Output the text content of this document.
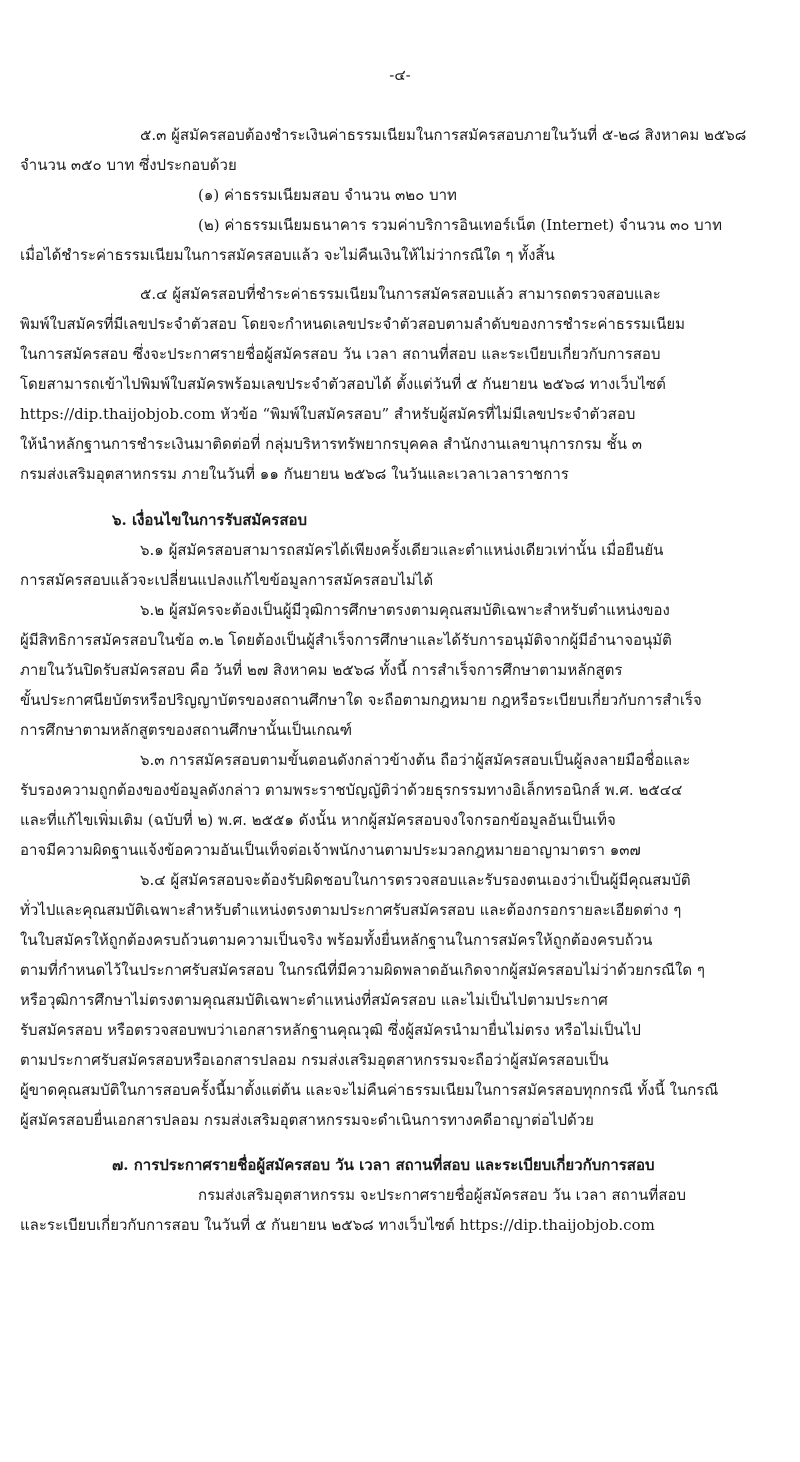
-๔-
๕.๓ ผู้สมัครสอบต้องชำระเงินค่าธรรมเนียมในการสมัครสอบภายในวันที่ ๕-๒๘ สิงหาคม ๒๕๖๘
จำนวน ๓๕๐ บาท ซึ่งประกอบด้วย
(๑) ค่าธรรมเนียมสอบ จำนวน ๓๒๐ บาท
(๒) ค่าธรรมเนียมธนาคาร รวมค่าบริการอินเทอร์เน็ต (Internet) จำนวน ๓๐ บาท
เมื่อได้ชำระค่าธรรมเนียมในการสมัครสอบแล้ว จะไม่คืนเงินให้ไม่ว่ากรณีใด ๆ ทั้งสิ้น
๕.๔ ผู้สมัครสอบที่ชำระค่าธรรมเนียมในการสมัครสอบแล้ว สามารถตรวจสอบและ
พิมพ์ใบสมัครที่มีเลขประจำตัวสอบ โดยจะกำหนดเลขประจำตัวสอบตามลำดับของการชำระค่าธรรมเนียม
ในการสมัครสอบ ซึ่งจะประกาศรายชื่อผู้สมัครสอบ วัน เวลา สถานที่สอบ และระเบียบเกี่ยวกับการสอบ
โดยสามารถเข้าไปพิมพ์ใบสมัครพร้อมเลขประจำตัวสอบได้ ตั้งแต่วันที่ ๕ กันยายน ๒๕๖๘ ทางเว็บไซต์
https://dip.thaijobjob.com หัวข้อ “พิมพ์ใบสมัครสอบ” สำหรับผู้สมัครที่ไม่มีเลขประจำตัวสอบ
ให้นำหลักฐานการชำระเงินมาติดต่อที่ กลุ่มบริหารทรัพยากรบุคคล สำนักงานเลขานุการกรม ชั้น ๓
กรมส่งเสริมอุตสาหกรรม ภายในวันที่ ๑๑ กันยายน ๒๕๖๘ ในวันและเวลาเวลาราชการ
๖. เงื่อนไขในการรับสมัครสอบ
๖.๑ ผู้สมัครสอบสามารถสมัครได้เพียงครั้งเดียวและตำแหน่งเดียวเท่านั้น เมื่อยืนยัน
การสมัครสอบแล้วจะเปลี่ยนแปลงแก้ไขข้อมูลการสมัครสอบไม่ได้
๖.๒ ผู้สมัครจะต้องเป็นผู้มีวุฒิการศึกษาตรงตามคุณสมบัติเฉพาะสำหรับตำแหน่งของ
ผู้มีสิทธิการสมัครสอบในข้อ ๓.๒ โดยต้องเป็นผู้สำเร็จการศึกษาและได้รับการอนุมัติจากผู้มีอำนาจอนุมัติ
ภายในวันปิดรับสมัครสอบ คือ วันที่ ๒๗ สิงหาคม ๒๕๖๘ ทั้งนี้ การสำเร็จการศึกษาตามหลักสูตร
ขั้นประกาศนียบัตรหรือปริญญาบัตรของสถานศึกษาใด จะถือตามกฎหมาย กฎหรือระเบียบเกี่ยวกับการสำเร็จ
การศึกษาตามหลักสูตรของสถานศึกษานั้นเป็นเกณฑ์
๖.๓ การสมัครสอบตามขั้นตอนดังกล่าวข้างต้น ถือว่าผู้สมัครสอบเป็นผู้ลงลายมือชื่อและ
รับรองความถูกต้องของข้อมูลดังกล่าว ตามพระราชบัญญัติว่าด้วยธุรกรรมทางอิเล็กทรอนิกส์ พ.ศ. ๒๕๔๔
และที่แก้ไขเพิ่มเติม (ฉบับที่ ๒) พ.ศ. ๒๕๕๑ ดังนั้น หากผู้สมัครสอบจงใจกรอกข้อมูลอันเป็นเท็จ
อาจมีความผิดฐานแจ้งข้อความอันเป็นเท็จต่อเจ้าพนักงานตามประมวลกฎหมายอาญามาตรา ๑๓๗
๖.๔ ผู้สมัครสอบจะต้องรับผิดชอบในการตรวจสอบและรับรองตนเองว่าเป็นผู้มีคุณสมบัติ
ทั่วไปและคุณสมบัติเฉพาะสำหรับตำแหน่งตรงตามประกาศรับสมัครสอบ และต้องกรอกรายละเอียดต่าง ๆ
ในใบสมัครให้ถูกต้องครบถ้วนตามความเป็นจริง พร้อมทั้งยื่นหลักฐานในการสมัครให้ถูกต้องครบถ้วน
ตามที่กำหนดไว้ในประกาศรับสมัครสอบ ในกรณีที่มีความผิดพลาดอันเกิดจากผู้สมัครสอบไม่ว่าด้วยกรณีใด ๆ
หรือวุฒิการศึกษาไม่ตรงตามคุณสมบัติเฉพาะตำแหน่งที่สมัครสอบ และไม่เป็นไปตามประกาศ
รับสมัครสอบ หรือตรวจสอบพบว่าเอกสารหลักฐานคุณวุฒิ ซึ่งผู้สมัครนำมายื่นไม่ตรง หรือไม่เป็นไป
ตามประกาศรับสมัครสอบหรือเอกสารปลอม กรมส่งเสริมอุตสาหกรรมจะถือว่าผู้สมัครสอบเป็น
ผู้ขาดคุณสมบัติในการสอบครั้งนี้มาตั้งแต่ต้น และจะไม่คืนค่าธรรมเนียมในการสมัครสอบทุกกรณี ทั้งนี้ ในกรณี
ผู้สมัครสอบยื่นเอกสารปลอม กรมส่งเสริมอุตสาหกรรมจะดำเนินการทางคดีอาญาต่อไปด้วย
๗. การประกาศรายชื่อผู้สมัครสอบ วัน เวลา สถานที่สอบ และระเบียบเกี่ยวกับการสอบ
กรมส่งเสริมอุตสาหกรรม จะประกาศรายชื่อผู้สมัครสอบ วัน เวลา สถานที่สอบ
และระเบียบเกี่ยวกับการสอบ ในวันที่ ๕ กันยายน ๒๕๖๘ ทางเว็บไซต์ https://dip.thaijobjob.com
